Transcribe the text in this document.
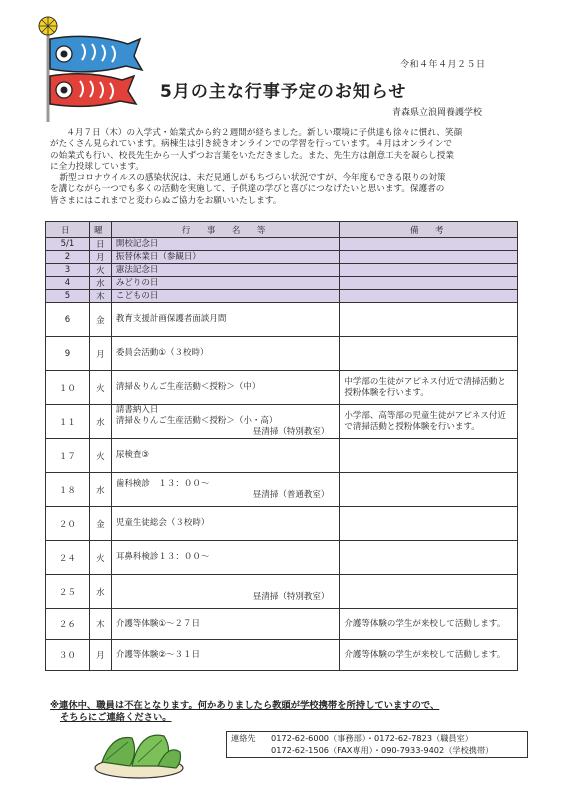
令和４年４月２５日
5月の主な行事予定のお知らせ
青森県立浪岡養護学校

４月７日（木）の入学式・始業式から約２週間が経ちました。新しい環境に子供達も徐々に慣れ、笑顔

がたくさん見られています。病棟生は引き続きオンラインでの学習を行っています。４月はオンラインで

の始業式も行い、校長先生から一人ずつお言葉をいただきました。また、先生方は創意工夫を凝らし授業

に全力投球しています。

新型コロナウイルスの感染状況は、未だ見通しがもちづらい状況ですが、今年度もできる限りの対策

を講じながら一つでも多くの活動を実施して、子供達の学びと喜びにつなげたいと思います。保護者の

皆さまにはこれまでと変わらぬご協力をお願いいたします。

日	曜	行　事　名　等	備　考
5/1	日	開校記念日	

2	月	振替休業日（参観日）	

3	火	憲法記念日	

4	水	みどりの日	

5	木	こどもの日	

6	金	教育支援計画保護者面談月間	

9	月	委員会活動①（３校時）	

１０	火	清掃＆りんご生産活動＜授粉＞（中）	中学部の生徒がアピネス付近で清掃活動と授粉体験を行います。
１１	水	請書納入日
清掃＆りんご生産活動＜授粉＞（小・高）
昼清掃（特別教室）	小学部、高等部の児童生徒がアピネス付近で清掃活動と授粉体験を行います。
１７	火	尿検査③	

１８	水	歯科検診　１３：００～
昼清掃（普通教室）	

２０	金	児童生徒総会（３校時）	

２４	火	耳鼻科検診１３：００～	

２５	水	昼清掃（特別教室）	

２６	木	介護等体験①～２７日	介護等体験の学生が来校して活動します。
３０	月	介護等体験②～３１日	介護等体験の学生が来校して活動します。
※連休中、職員は不在となります。何かありましたら教頭が学校携帯を所持していますので、
そちらにご連絡ください。
連絡先 0172-62-6000（事務部）・0172-62-7823（職員室）
0172-62-1506（FAX専用）・090-7933-9402（学校携帯）
